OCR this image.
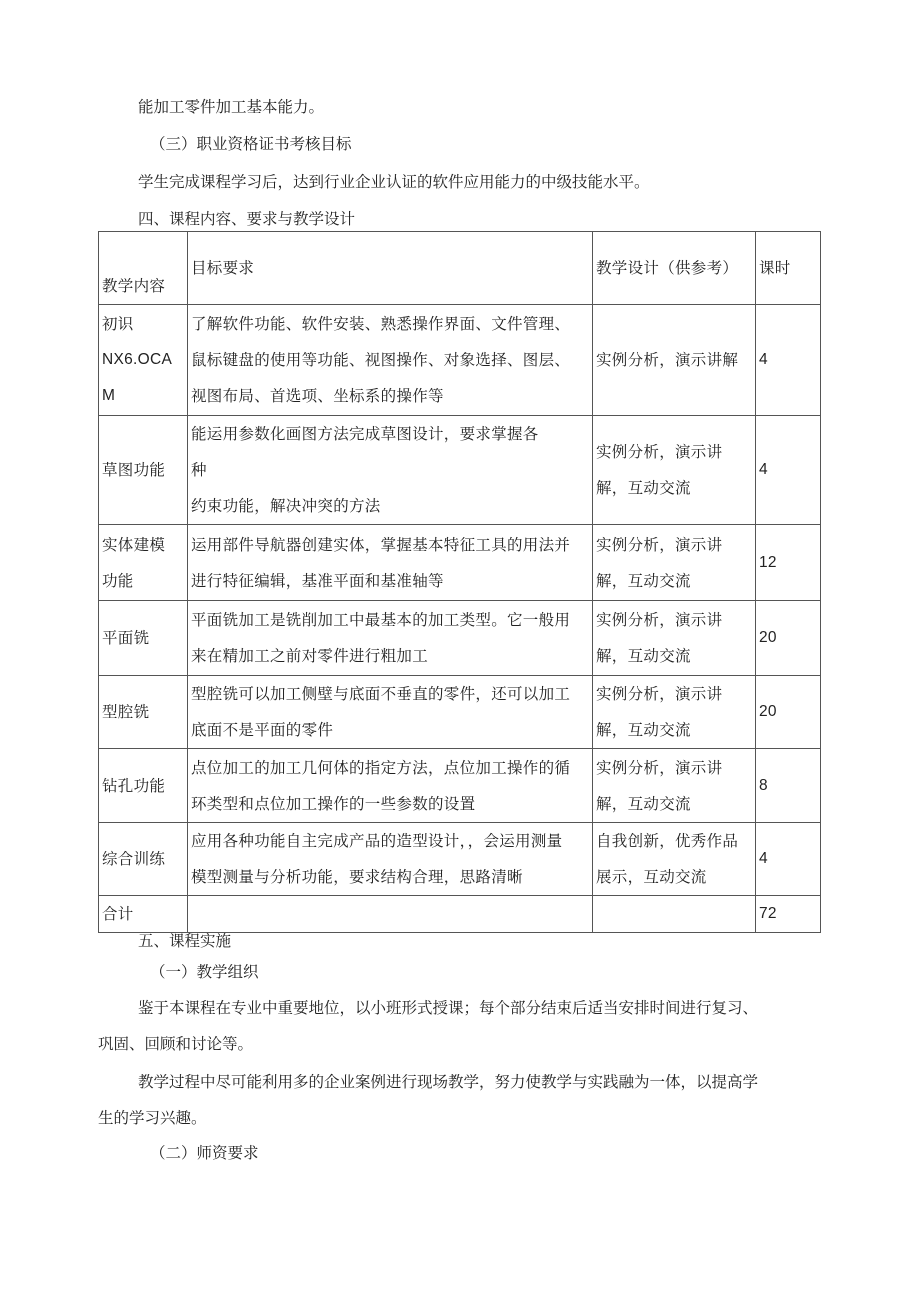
能加工零件加工基本能力。
（三）职业资格证书考核目标
学生完成课程学习后，达到行业企业认证的软件应用能力的中级技能水平。
四、课程内容、要求与教学设计
教学内容	目标要求	教学设计（供参考）	课时

初识
NX6.OCAM	了解软件功能、软件安装、熟悉操作界面、文件管理、
鼠标键盘的使用等功能、视图操作、对象选择、图层、
视图布局、首选项、坐标系的操作等	实例分析，演示讲解	4

草图功能	能运用参数化画图方法完成草图设计，要求掌握各
种
约束功能，解决冲突的方法	实例分析，演示讲
解，互动交流	4

实体建模
功能	运用部件导航器创建实体，掌握基本特征工具的用法并
进行特征编辑，基准平面和基准轴等	实例分析，演示讲
解，互动交流	12

平面铣	平面铣加工是铣削加工中最基本的加工类型。它一般用
来在精加工之前对零件进行粗加工	实例分析，演示讲
解，互动交流	20

型腔铣	型腔铣可以加工侧壁与底面不垂直的零件，还可以加工
底面不是平面的零件	实例分析，演示讲
解，互动交流	20

钻孔功能	点位加工的加工几何体的指定方法，点位加工操作的循
环类型和点位加工操作的一些参数的设置	实例分析，演示讲
解，互动交流	8

综合训练	应用各种功能自主完成产品的造型设计，，会运用测量
模型测量与分析功能，要求结构合理，思路清晰	自我创新，优秀作品
展示，互动交流	4
合计			72
五、课程实施
（一）教学组织
鉴于本课程在专业中重要地位，以小班形式授课；每个部分结束后适当安排时间进行复习、
巩固、回顾和讨论等。
教学过程中尽可能利用多的企业案例进行现场教学，努力使教学与实践融为一体，以提高学
生的学习兴趣。
（二）师资要求
